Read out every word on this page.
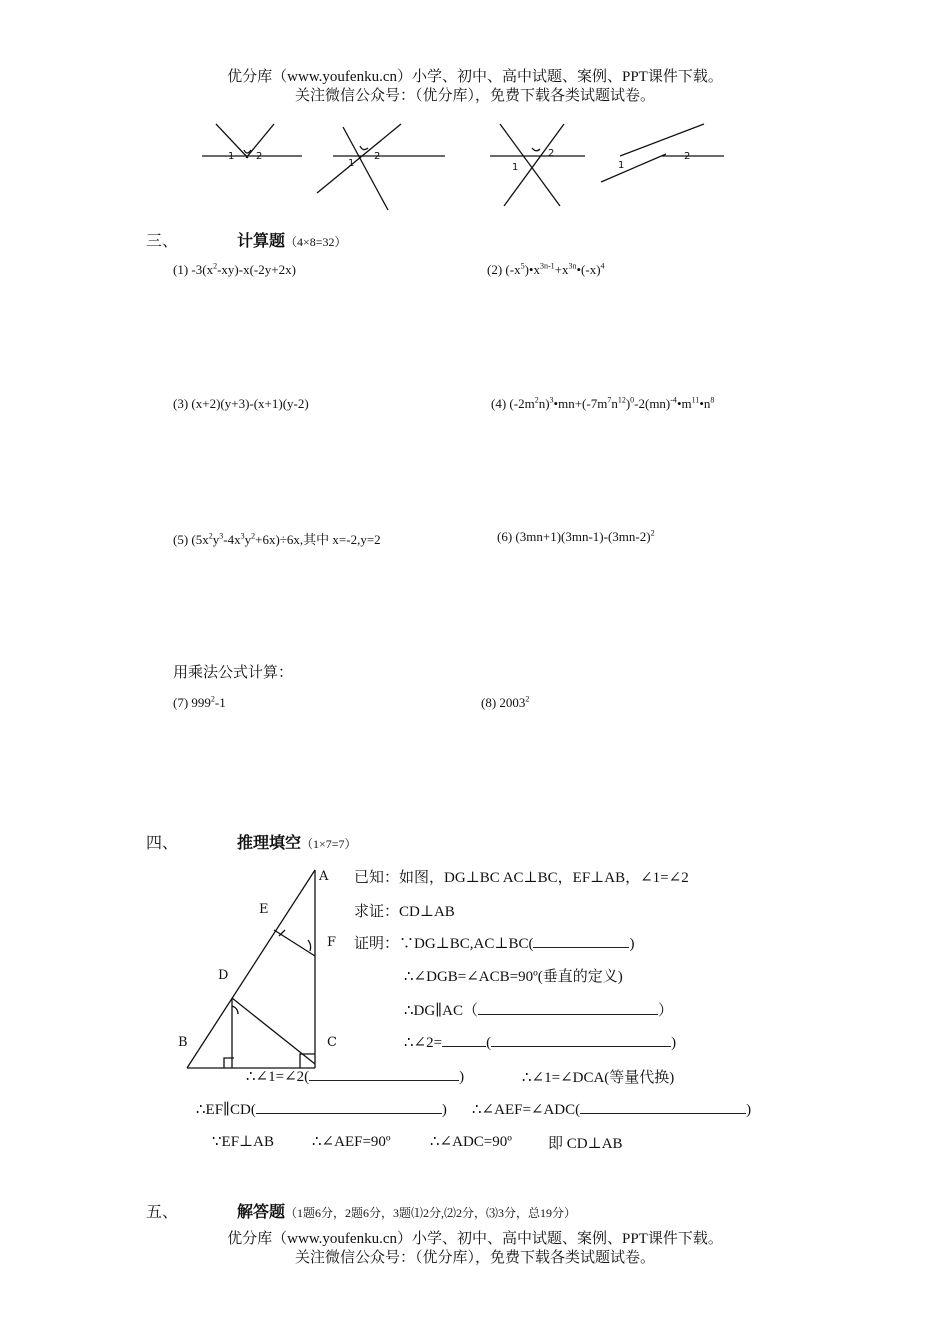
优分库（www.youfenku.cn）小学、初中、高中试题、案例、PPT课件下载。
关注微信公众号：（优分库），免费下载各类试题试卷。
1 2
1
2
1
2
1
2
三、	计算题（4×8=32）
(1) $-3(x^2-xy)-x(-2y+2x)$	(2) $(-x^5)•x^{3n-1}+x^{3n}•(-x)^4$
(3) (x+2)(y+3)-(x+1)(y-2)	(4) $(-2m^2n)^3•mn+(-7m^7n^{12})^0-2(mn)^{-4}•m^{11}•n^8$
(5) $(5x^2y^3-4x^3y^2+6x)\div 6x$,其中 x=-2,y=2	(6) $(3mn+1)(3mn-1)-(3mn-2)^2$
用乘法公式计算：
(7) $999^2-1$	(8) 2003$^2$
四、	推理填空（1×7=7）
A
B	C
D
E
F
已知：如图，DG⊥BC AC⊥BC，EF⊥AB，∠1=∠2
求证：CD⊥AB
证明：∵DG⊥BC,AC⊥BC(	)
∴∠DGB=∠ACB=90º(垂直的定义)
∴DG∥AC（	）
∴∠2=	(	)
∴∠1=∠2(	)	∴∠1=∠DCA(等量代换)
∴EF∥CD(	) ∴∠AEF=∠ADC(	)
∵EF⊥AB	∴∠AEF=90º	∴∠ADC=90º 即 CD⊥AB
五、	解答题（1题6分，2题6分，3题⑴2分,⑵2分，⑶3分，总19分）
优分库（www.youfenku.cn）小学、初中、高中试题、案例、PPT课件下载。
关注微信公众号：（优分库），免费下载各类试题试卷。
